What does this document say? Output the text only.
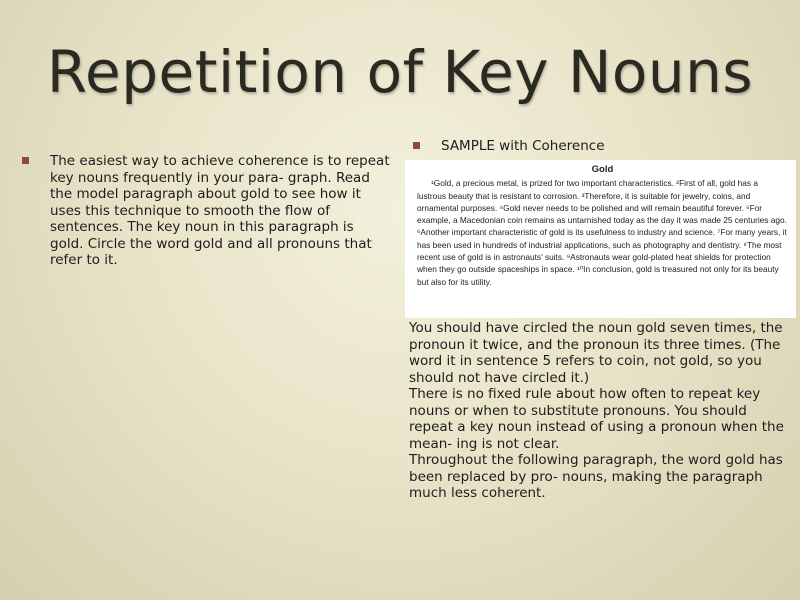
Repetition of Key Nouns
The easiest way to achieve coherence is to repeat key nouns frequently in your para- graph. Read the model paragraph about gold to see how it uses this technique to smooth the flow of sentences. The key noun in this paragraph is gold. Circle the word gold and all pronouns that refer to it.
SAMPLE with Coherence
Gold

¹Gold, a precious metal, is prized for two important characteristics. ²First of all, gold has a lustrous beauty that is resistant to corrosion. ³Therefore, it is suitable for jewelry, coins, and ornamental purposes. ⁴Gold never needs to be polished and will remain beautiful forever. ⁵For example, a Macedonian coin remains as untarnished today as the day it was made 25 centuries ago. ⁶Another important characteristic of gold is its usefulness to industry and science. ⁷For many years, it has been used in hundreds of industrial applications, such as photography and dentistry. ⁸The most recent use of gold is in astronauts' suits. ⁹Astronauts wear gold-plated heat shields for protection when they go outside spaceships in space. ¹⁰In conclusion, gold is treasured not only for its beauty but also for its utility.

You should have circled the noun gold seven times, the pronoun it twice, and the pronoun its three times. (The word it in sentence 5 refers to coin, not gold, so you should not have circled it.)

There is no fixed rule about how often to repeat key nouns or when to substitute pronouns. You should repeat a key noun instead of using a pronoun when the mean- ing is not clear.

Throughout the following paragraph, the word gold has been replaced by pro- nouns, making the paragraph much less coherent.
